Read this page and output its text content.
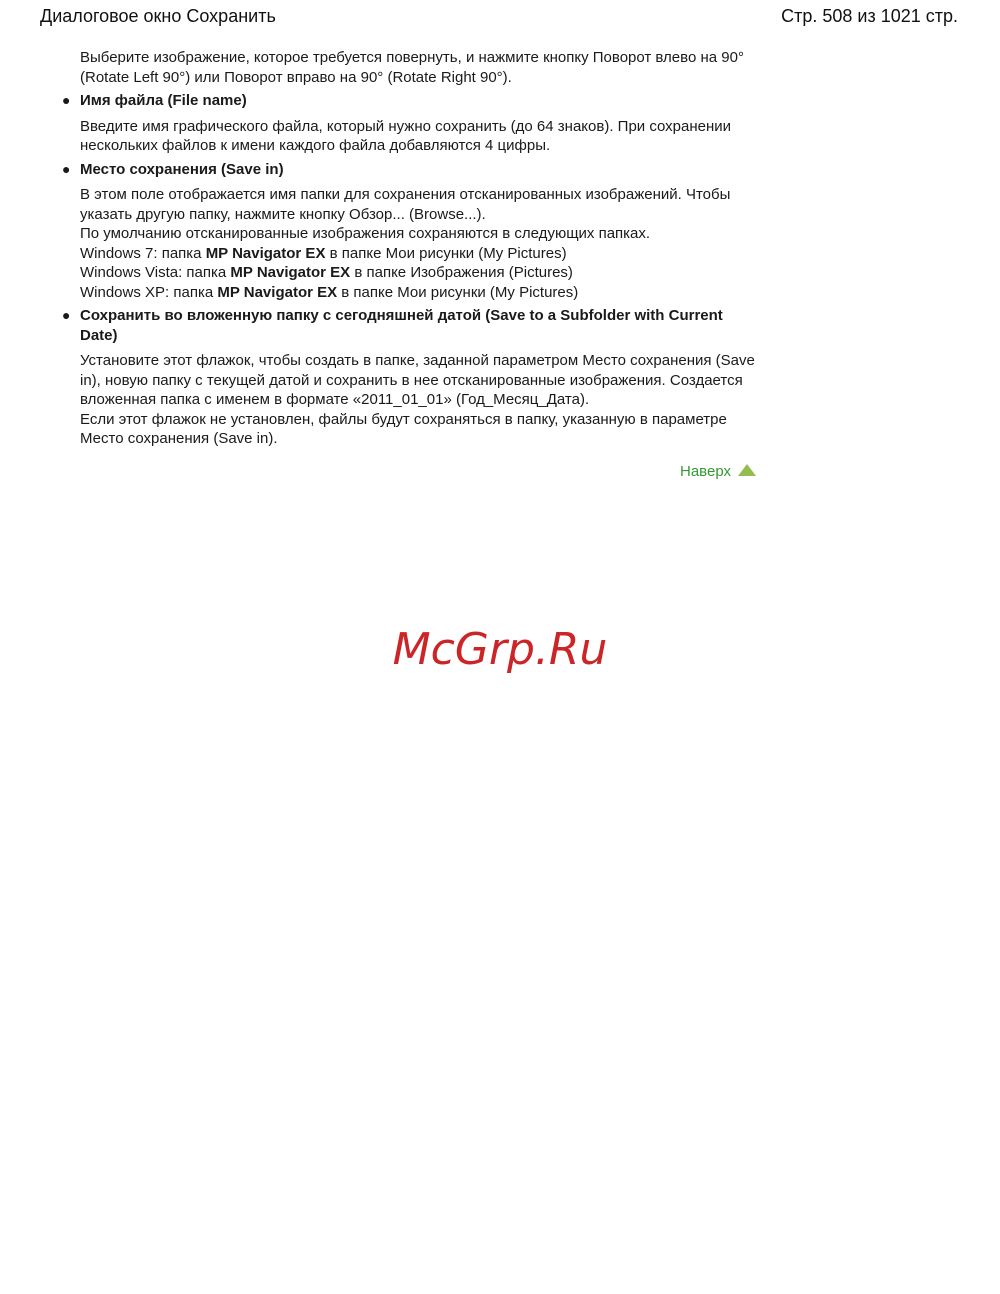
Диалоговое окно Сохранить	Стр. 508 из 1021 стр.

Выберите изображение, которое требуется повернуть, и нажмите кнопку Поворот влево на 90° (Rotate Left 90°) или Поворот вправо на 90° (Rotate Right 90°).

● Имя файла (File name)

Введите имя графического файла, который нужно сохранить (до 64 знаков). При сохранении нескольких файлов к имени каждого файла добавляются 4 цифры.

● Место сохранения (Save in)

В этом поле отображается имя папки для сохранения отсканированных изображений. Чтобы указать другую папку, нажмите кнопку Обзор... (Browse...).

По умолчанию отсканированные изображения сохраняются в следующих папках.

Windows 7: папка MP Navigator EX в папке Мои рисунки (My Pictures)
Windows Vista: папка MP Navigator EX в папке Изображения (Pictures)
Windows XP: папка MP Navigator EX в папке Мои рисунки (My Pictures)
● Сохранить во вложенную папку с сегодняшней датой (Save to a Subfolder with Current Date)

Установите этот флажок, чтобы создать в папке, заданной параметром Место сохранения (Save in), новую папку с текущей датой и сохранить в нее отсканированные изображения. Создается вложенная папка с именем в формате «2011_01_01» (Год_Месяц_Дата).

Если этот флажок не установлен, файлы будут сохраняться в папку, указанную в параметре Место сохранения (Save in).

Наверх
McGrp.Ru
